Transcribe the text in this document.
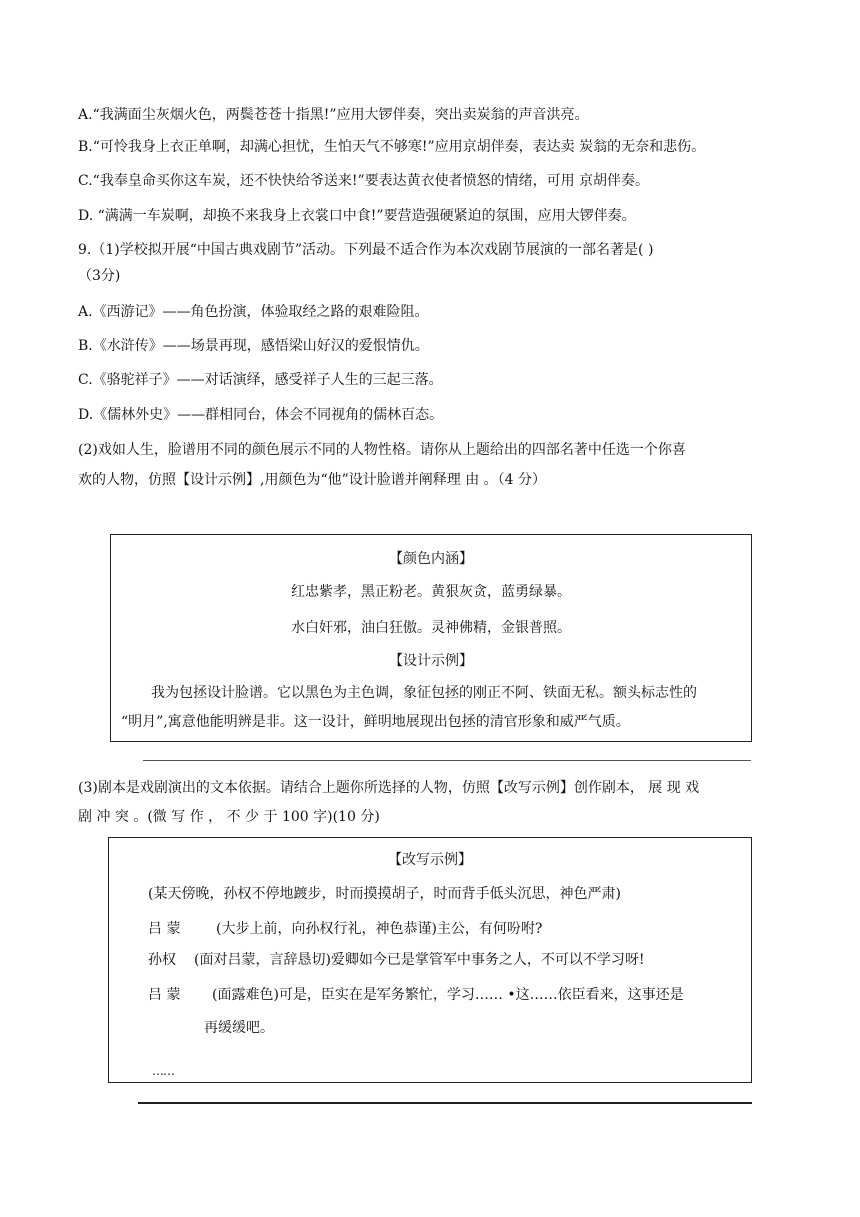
A.“我满面尘灰烟火色，两鬓苍苍十指黑!”应用大锣伴奏，突出卖炭翁的声音洪亮。
B.“可怜我身上衣正单啊，却满心担忧，生怕天气不够寒!”应用京胡伴奏，表达卖 炭翁的无奈和悲伤。
C.“我奉皇命买你这车炭，还不快快给爷送来!”要表达黄衣使者愤怒的情绪，可用 京胡伴奏。
D. “满满一车炭啊，却换不来我身上衣裳口中食!”要营造强硬紧迫的氛围，应用大锣伴奏。
9.（1)学校拟开展“中国古典戏剧节”活动。下列最不适合作为本次戏剧节展演的一部名著是( )
（3分)
A.《西游记》——角色扮演，体验取经之路的艰难险阻。
B.《水浒传》——场景再现，感悟梁山好汉的爱恨情仇。
C.《骆驼祥子》——对话演绎，感受祥子人生的三起三落。
D.《儒林外史》——群相同台，体会不同视角的儒林百态。
(2)戏如人生，脸谱用不同的颜色展示不同的人物性格。请你从上题给出的四部名著中任选一个你喜
欢的人物，仿照【设计示例】,用颜色为“他”设计脸谱并阐释理 由 。（4 分）
【颜色内涵】
红忠紫孝，黑正粉老。黄狠灰贪，蓝勇绿暴。
水白奸邪，油白狂傲。灵神佛精，金银普照。
【设计示例】
我为包拯设计脸谱。它以黑色为主色调，象征包拯的刚正不阿、铁面无私。额头标志性的
“明月”,寓意他能明辨是非。这一设计，鲜明地展现出包拯的清官形象和威严气质。
(3)剧本是戏剧演出的文本依据。请结合上题你所选择的人物，仿照【改写示例】创作剧本， 展 现 戏
剧 冲 突 。(微 写 作 ， 不 少 于 100 字)(10 分)
【改写示例】
(某天傍晚，孙权不停地踱步，时而摸摸胡子，时而背手低头沉思，神色严肃)
吕 蒙	(大步上前，向孙权行礼，神色恭谨)主公，有何吩咐?
孙权 (面对吕蒙，言辞恳切)爱卿如今已是掌管军中事务之人，不可以不学习呀!
吕 蒙 (面露难色)可是，臣实在是军务繁忙，学习…… •这……依臣看来，这事还是
再缓缓吧。
……
